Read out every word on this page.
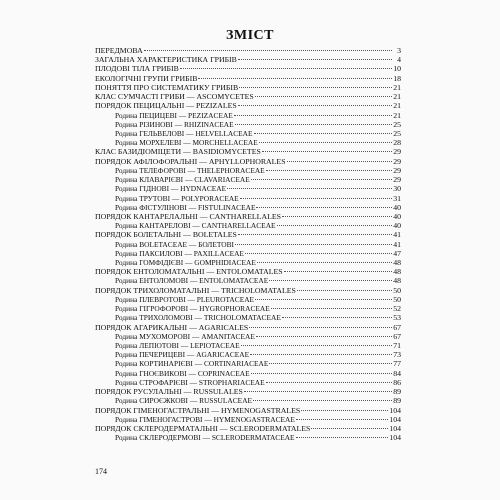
ЗМІСТ
ПЕРЕДМОВА	3
ЗАГАЛЬНА ХАРАКТЕРИСТИКА ГРИБІВ	4
ПЛОДОВІ ТІЛА ГРИБІВ	10
ЕКОЛОГІЧНІ ГРУПИ ГРИБІВ	18
ПОНЯТТЯ ПРО СИСТЕМАТИКУ ГРИБІВ	21
КЛАС СУМЧАСТІ ГРИБИ — ASCOMYCETES	21
ПОРЯДОК ПЕЦИЦАЛЬНІ — PEZIZALES	21
Родина ПЕЦИЦЕВІ — PEZIZACEAE	21
Родина РІЗИНОВІ — RHIZINACEAE	25
Родина ГЕЛЬВЕЛОВІ — HELVELLACEAE	25
Родина МОРХЕЛЕВІ — MORCHELLACEAE	28
КЛАС БАЗИДІОМІЦЕТИ — BASIDIOMYCETES	29
ПОРЯДОК АФІЛОФОРАЛЬНІ — APHYLLOPHORALES	29
Родина ТЕЛЕФОРОВІ — THELEPHORACEAE	29
Родина КЛАВАРІЄВІ — CLAVARIACEAE	29
Родина ГІДНОВІ — HYDNACEAE	30
Родина ТРУТОВІ — POLYPORACEAE	31
Родина ФІСТУЛІНОВІ — FISTULINACEAE	40
ПОРЯДОК КАНТАРЕЛАЛЬНІ — CANTHARELLALES	40
Родина КАНТАРЕЛОВІ — CANTHARELLACEAE	40
ПОРЯДОК БОЛЕТАЛЬНІ — BOLETALES	41
Родина BOLETACEAE — БОЛЕТОВІ	41
Родина ПАКСИЛОВІ — PAXILLACEAE	47
Родина ГОМФІДІЄВІ — GOMPHIDIACEAE	48
ПОРЯДОК ЕНТОЛОМАТАЛЬНІ — ENTOLOMATALES	48
Родина ЕНТОЛОМОВІ — ENTOLOMATACEAE	48
ПОРЯДОК ТРИХОЛОМАТАЛЬНІ — TRICHOLOMATALES	50
Родина ПЛЕВРОТОВІ — PLEUROTACEAE	50
Родина ГІГРОФОРОВІ — HYGROPHORACEAE	52
Родина ТРИХОЛОМОВІ — TRICHOLOMATACEAE	53
ПОРЯДОК АГАРИКАЛЬНІ — AGARICALES	67
Родина МУХОМОРОВІ — AMANITACEAE	67
Родина ЛЕПІОТОВІ — LEPIOTACEAE	71
Родина ПЕЧЕРИЦЕВІ — AGARICACEAE	73
Родина КОРТИНАРІЄВІ — CORTINARIACEAE	77
Родина ГНОЄВИКОВІ — COPRINACEAE	84
Родина СТРОФАРІЄВІ — STROPHARIACEAE	86
ПОРЯДОК РУСУЛАЛЬНІ — RUSSULALES	89
Родина СИРОЄЖКОВІ — RUSSULACEAE	89
ПОРЯДОК ГІМЕНОГАСТРАЛЬНІ — HYMENOGASTRALES	104
Родина ГІМЕНОГАСТРОВІ — HYMENOGASTRACEAE	104
ПОРЯДОК СКЛЕРОДЕРМАТАЛЬНІ — SCLERODERMATALES	104
Родина СКЛЕРОДЕРМОВІ — SCLERODERMATACEAE	104
174
